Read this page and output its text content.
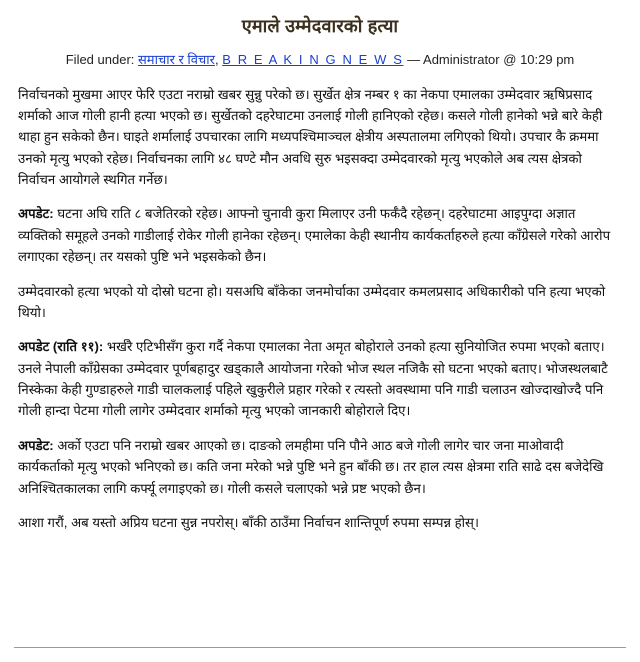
एमाले उम्मेदवारको हत्या
Filed under: समाचार र विचार, B R E A K I N G N E W S — Administrator @ 10:29 pm

निर्वाचनको मुखमा आएर फेरि एउटा नराम्रो खबर सुन्नु परेको छ। सुर्खेत क्षेत्र नम्बर १ का नेकपा एमालका उम्मेदवार ऋषिप्रसाद शर्माको आज गोली हानी हत्या भएको छ। सुर्खेतको दहरेघाटमा उनलाई गोली हानिएको रहेछ। कसले गोली हानेको भन्ने बारे केही थाहा हुन सकेको छैन। घाइते शर्मालाई उपचारका लागि मध्यपश्चिमाञ्चल क्षेत्रीय अस्पतालमा लगिएको थियो। उपचार कै क्रममा उनको मृत्यु भएको रहेछ। निर्वाचनका लागि ४८ घण्टे मौन अवधि सुरु भइसक्दा उम्मेदवारको मृत्यु भएकोले अब त्यस क्षेत्रको निर्वाचन आयोगले स्थगित गर्नेछ।

अपडेट: घटना अघि राति ८ बजेतिरको रहेछ। आफ्नो चुनावी कुरा मिलाएर उनी फर्कँदै रहेछन्। दहरेघाटमा आइपुग्दा अज्ञात व्यक्तिको समूहले उनको गाडीलाई रोकेर गोली हानेका रहेछन्। एमालेका केही स्थानीय कार्यकर्ताहरुले हत्या काँग्रेसले गरेको आरोप लगाएका रहेछन्। तर यसको पुष्टि भने भइसकेको छैन।

उम्मेदवारको हत्या भएको यो दोस्रो घटना हो। यसअघि बाँकेका जनमोर्चाका उम्मेदवार कमलप्रसाद अधिकारीको पनि हत्या भएको थियो।

अपडेट (राति ११): भर्खरै एटिभीसँग कुरा गर्दै नेकपा एमालका नेता अमृत बोहोराले उनको हत्या सुनियोजित रुपमा भएको बताए। उनले नेपाली काँग्रेसका उम्मेदवार पूर्णबहादुर खड्कालै आयोजना गरेको भोज स्थल नजिकै सो घटना भएको बताए। भोजस्थलबाटै निस्केका केही गुण्डाहरुले गाडी चालकलाई पहिले खुकुरीले प्रहार गरेको र त्यस्तो अवस्थामा पनि गाडी चलाउन खोज्दाखोज्दै पनि गोली हान्दा पेटमा गोली लागेर उम्मेदवार शर्माको मृत्यु भएको जानकारी बोहोराले दिए।

अपडेट: अर्को एउटा पनि नराम्रो खबर आएको छ। दाङको लमहीमा पनि पौने आठ बजे गोली लागेर चार जना माओवादी कार्यकर्ताको मृत्यु भएको भनिएको छ। कति जना मरेको भन्ने पुष्टि भने हुन बाँकी छ। तर हाल त्यस क्षेत्रमा राति साढे दस बजेदेखि अनिश्चितकालका लागि कर्फ्यू लगाइएको छ। गोली कसले चलाएको भन्ने प्रष्ट भएको छैन।

आशा गरौं, अब यस्तो अप्रिय घटना सुन्न नपरोस्। बाँकी ठाउँमा निर्वाचन शान्तिपूर्ण रुपमा सम्पन्न होस्।
